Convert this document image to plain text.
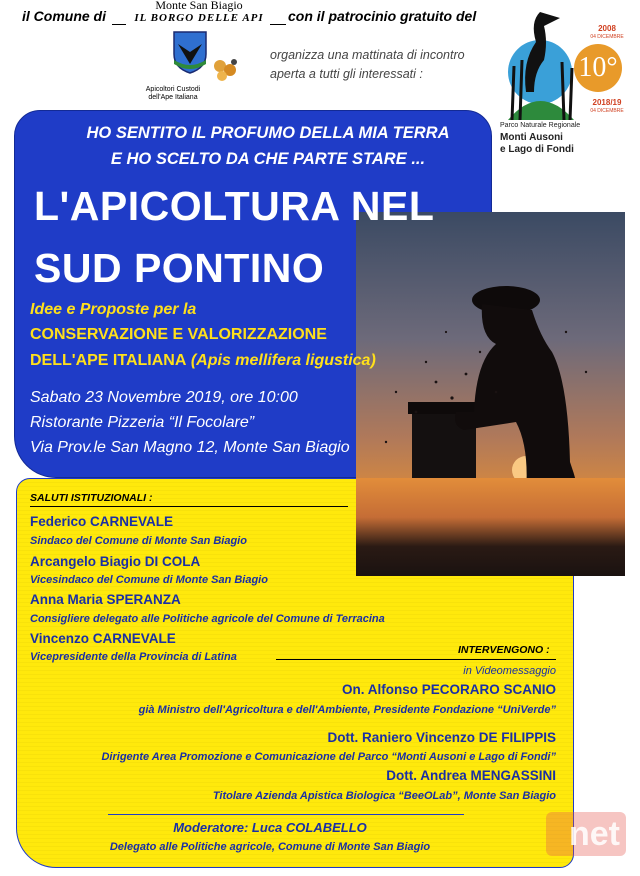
il Comune di
Monte San Biagio
IL BORGO DELLE API
Apicoltori Custodi dell'Ape Italiana
con il patrocinio gratuito del
organizza una mattinata di incontro
aperta a tutti gli interessati :
2008
04 DICEMBRE
10°
2018/19
04 DICEMBRE
Parco Naturale Regionale
Monti Ausoni
e Lago di Fondi
HO SENTITO IL PROFUMO DELLA MIA TERRA
E HO SCELTO DA CHE PARTE STARE ...
L'APICOLTURA NEL
SUD PONTINO
Idee e Proposte per la
CONSERVAZIONE E VALORIZZAZIONE
DELL'APE ITALIANA (Apis mellifera ligustica)
Sabato 23 Novembre 2019, ore 10:00
Ristorante Pizzeria “Il Focolare”
Via Prov.le San Magno 12, Monte San Biagio
SALUTI ISTITUZIONALI :
Federico CARNEVALE
Sindaco del Comune di Monte San Biagio
Arcangelo Biagio DI COLA
Vicesindaco del Comune di Monte San Biagio
Anna Maria SPERANZA
Consigliere delegato alle Politiche agricole del Comune di Terracina
Vincenzo CARNEVALE
Vicepresidente della Provincia di Latina
INTERVENGONO :
in Videomessaggio
On. Alfonso PECORARO SCANIO
già Ministro dell'Agricoltura e dell'Ambiente, Presidente Fondazione “UniVerde”
Dott. Raniero Vincenzo DE FILIPPIS
Dirigente Area Promozione e Comunicazione del Parco “Monti Ausoni e Lago di Fondi”
Dott. Andrea MENGASSINI
Titolare Azienda Apistica Biologica “BeeOLab”, Monte San Biagio
Moderatore: Luca COLABELLO
Delegato alle Politiche agricole, Comune di Monte San Biagio	net
